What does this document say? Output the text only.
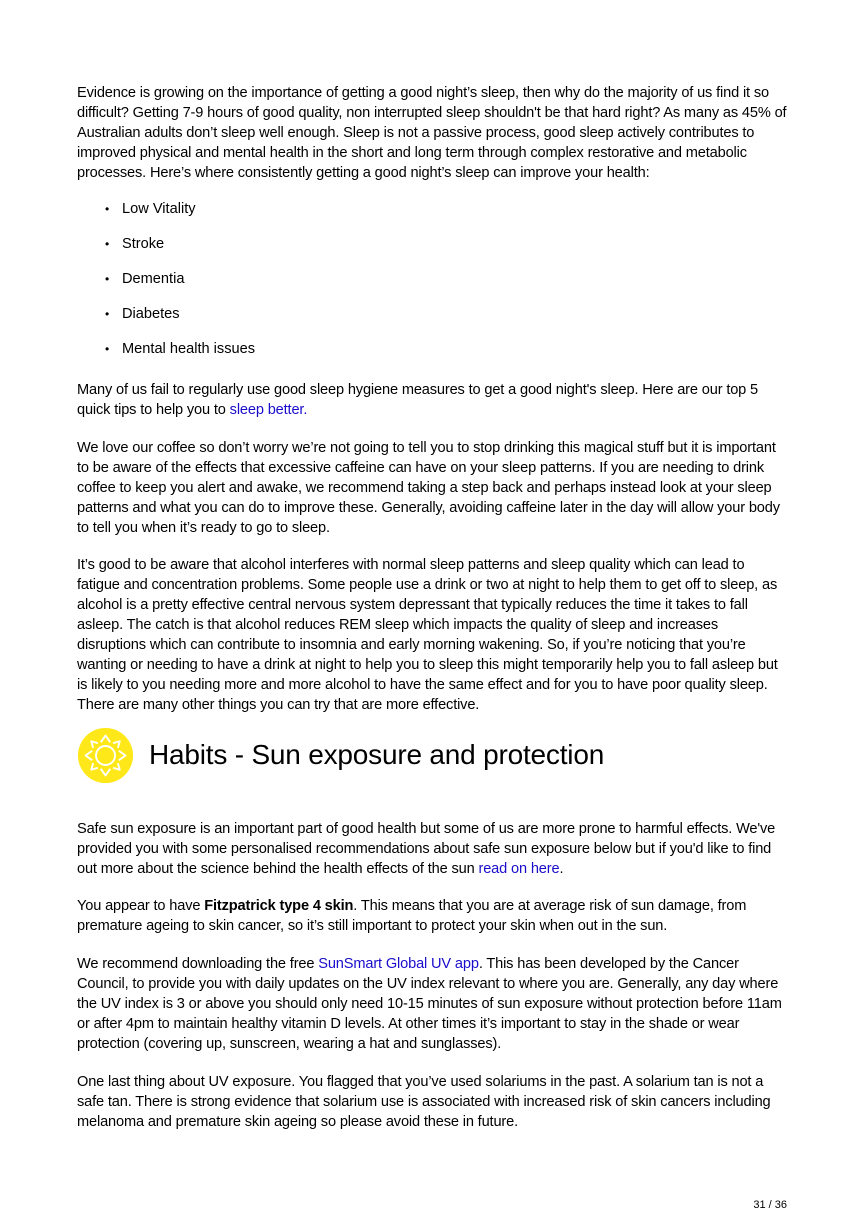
Evidence is growing on the importance of getting a good night’s sleep, then why do the majority of us find it so difficult? Getting 7-9 hours of good quality, non interrupted sleep shouldn't be that hard right? As many as 45% of Australian adults don’t sleep well enough. Sleep is not a passive process, good sleep actively contributes to improved physical and mental health in the short and long term through complex restorative and metabolic processes. Here’s where consistently getting a good night’s sleep can improve your health:

• Low Vitality
• Stroke
• Dementia
• Diabetes
• Mental health issues

Many of us fail to regularly use good sleep hygiene measures to get a good night's sleep. Here are our top 5 quick tips to help you to sleep better.

We love our coffee so don’t worry we’re not going to tell you to stop drinking this magical stuff but it is important to be aware of the effects that excessive caffeine can have on your sleep patterns. If you are needing to drink coffee to keep you alert and awake, we recommend taking a step back and perhaps instead look at your sleep patterns and what you can do to improve these. Generally, avoiding caffeine later in the day will allow your body to tell you when it’s ready to go to sleep.

It’s good to be aware that alcohol interferes with normal sleep patterns and sleep quality which can lead to fatigue and concentration problems. Some people use a drink or two at night to help them to get off to sleep, as alcohol is a pretty effective central nervous system depressant that typically reduces the time it takes to fall asleep. The catch is that alcohol reduces REM sleep which impacts the quality of sleep and increases disruptions which can contribute to insomnia and early morning wakening. So, if you’re noticing that you’re wanting or needing to have a drink at night to help you to sleep this might temporarily help you to fall asleep but is likely to you needing more and more alcohol to have the same effect and for you to have poor quality sleep. There are many other things you can try that are more effective.

Habits - Sun exposure and protection

Safe sun exposure is an important part of good health but some of us are more prone to harmful effects. We've provided you with some personalised recommendations about safe sun exposure below but if you'd like to find out more about the science behind the health effects of the sun read on here.

You appear to have Fitzpatrick type 4 skin. This means that you are at average risk of sun damage, from premature ageing to skin cancer, so it’s still important to protect your skin when out in the sun.

We recommend downloading the free SunSmart Global UV app. This has been developed by the Cancer Council, to provide you with daily updates on the UV index relevant to where you are. Generally, any day where the UV index is 3 or above you should only need 10-15 minutes of sun exposure without protection before 11am or after 4pm to maintain healthy vitamin D levels. At other times it’s important to stay in the shade or wear protection (covering up, sunscreen, wearing a hat and sunglasses).

One last thing about UV exposure. You flagged that you’ve used solariums in the past. A solarium tan is not a safe tan. There is strong evidence that solarium use is associated with increased risk of skin cancers including melanoma and premature skin ageing so please avoid these in future.

31 / 36
